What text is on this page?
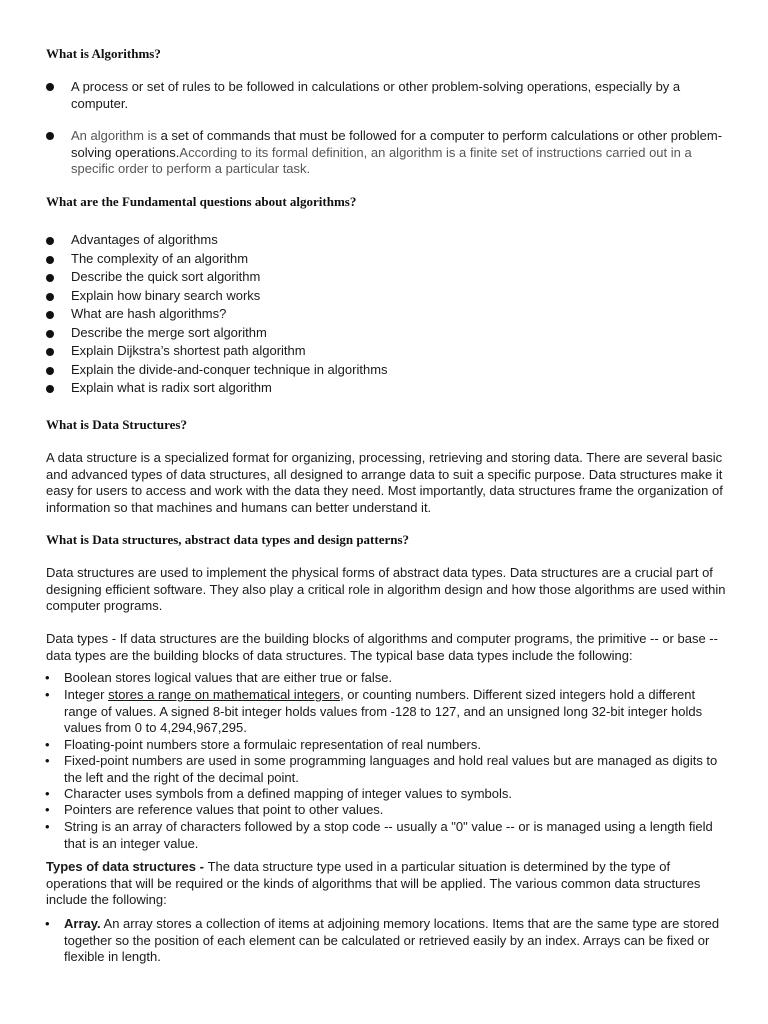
What is Algorithms?
A process or set of rules to be followed in calculations or other problem-solving operations, especially by a computer.
An algorithm is a set of commands that must be followed for a computer to perform calculations or other problem-solving operations.According to its formal definition, an algorithm is a finite set of instructions carried out in a specific order to perform a particular task.
What are the Fundamental questions about algorithms?
Advantages of algorithms
The complexity of an algorithm
Describe the quick sort algorithm
Explain how binary search works
What are hash algorithms?
Describe the merge sort algorithm
Explain Dijkstra’s shortest path algorithm
Explain the divide-and-conquer technique in algorithms
Explain what is radix sort algorithm
What is Data Structures?
A data structure is a specialized format for organizing, processing, retrieving and storing data. There are several basic and advanced types of data structures, all designed to arrange data to suit a specific purpose. Data structures make it easy for users to access and work with the data they need. Most importantly, data structures frame the organization of information so that machines and humans can better understand it.
What is Data structures, abstract data types and design patterns?
Data structures are used to implement the physical forms of abstract data types. Data structures are a crucial part of designing efficient software. They also play a critical role in algorithm design and how those algorithms are used within computer programs.
Data types - If data structures are the building blocks of algorithms and computer programs, the primitive -- or base -- data types are the building blocks of data structures. The typical base data types include the following:
• Boolean stores logical values that are either true or false.
• Integer stores a range on mathematical integers, or counting numbers. Different sized integers hold a different range of values. A signed 8-bit integer holds values from -128 to 127, and an unsigned long 32-bit integer holds values from 0 to 4,294,967,295.
• Floating-point numbers store a formulaic representation of real numbers.
• Fixed-point numbers are used in some programming languages and hold real values but are managed as digits to the left and the right of the decimal point.
• Character uses symbols from a defined mapping of integer values to symbols.
• Pointers are reference values that point to other values.
• String is an array of characters followed by a stop code -- usually a "0" value -- or is managed using a length field that is an integer value.
Types of data structures - The data structure type used in a particular situation is determined by the type of operations that will be required or the kinds of algorithms that will be applied. The various common data structures include the following:
• Array. An array stores a collection of items at adjoining memory locations. Items that are the same type are stored together so the position of each element can be calculated or retrieved easily by an index. Arrays can be fixed or flexible in length.
